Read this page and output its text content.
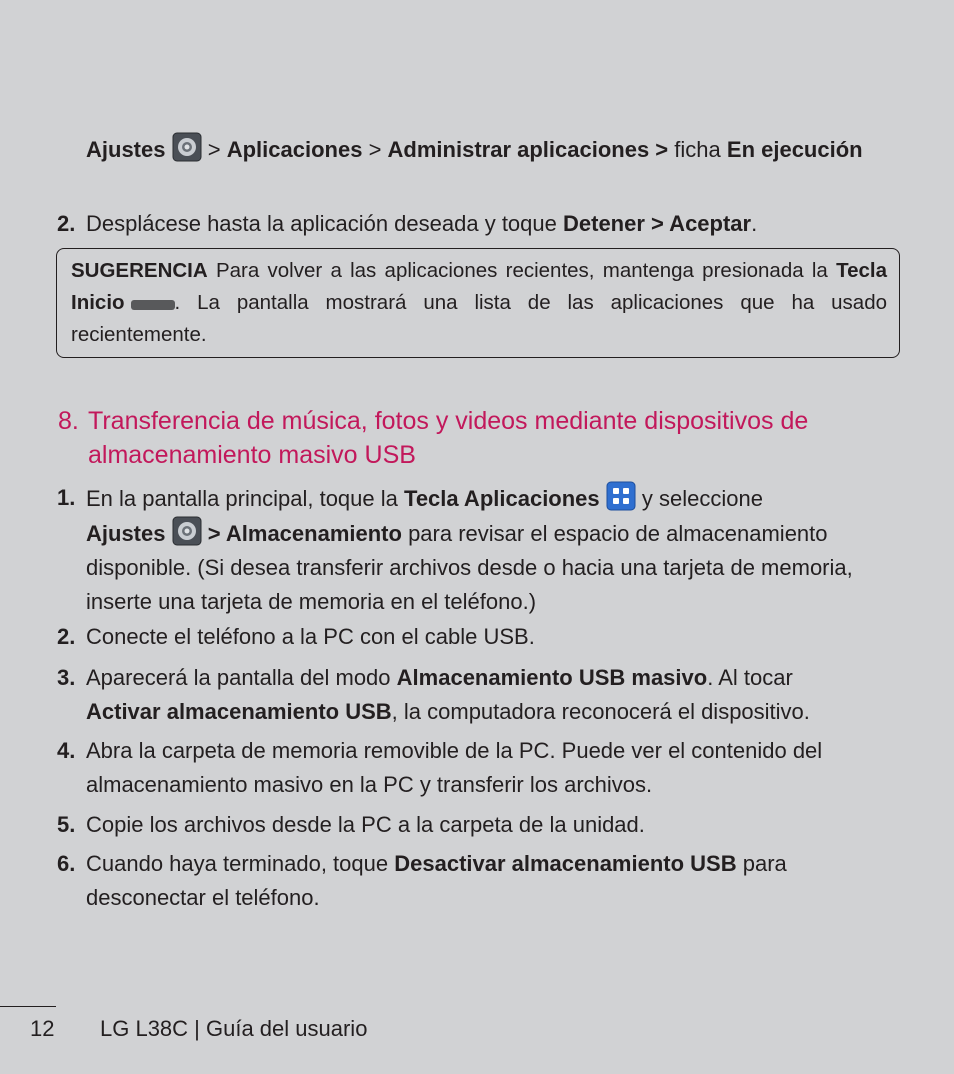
Ajustes > Aplicaciones > Administrar aplicaciones > ficha En ejecución
2. Desplácese hasta la aplicación deseada y toque Detener > Aceptar.
SUGERENCIA Para volver a las aplicaciones recientes, mantenga presionada la Tecla Inicio . La pantalla mostrará una lista de las aplicaciones que ha usado recientemente.
8. Transferencia de música, fotos y videos mediante dispositivos de almacenamiento masivo USB
1. En la pantalla principal, toque la Tecla Aplicaciones y seleccione
Ajustes > Almacenamiento para revisar el espacio de almacenamiento disponible. (Si desea transferir archivos desde o hacia una tarjeta de memoria, inserte una tarjeta de memoria en el teléfono.)
2. Conecte el teléfono a la PC con el cable USB.
3. Aparecerá la pantalla del modo Almacenamiento USB masivo. Al tocar
Activar almacenamiento USB, la computadora reconocerá el dispositivo.
4. Abra la carpeta de memoria removible de la PC. Puede ver el contenido del almacenamiento masivo en la PC y transferir los archivos.
5. Copie los archivos desde la PC a la carpeta de la unidad.
6. Cuando haya terminado, toque Desactivar almacenamiento USB para desconectar el teléfono.
12 LG L38C | Guía del usuario
